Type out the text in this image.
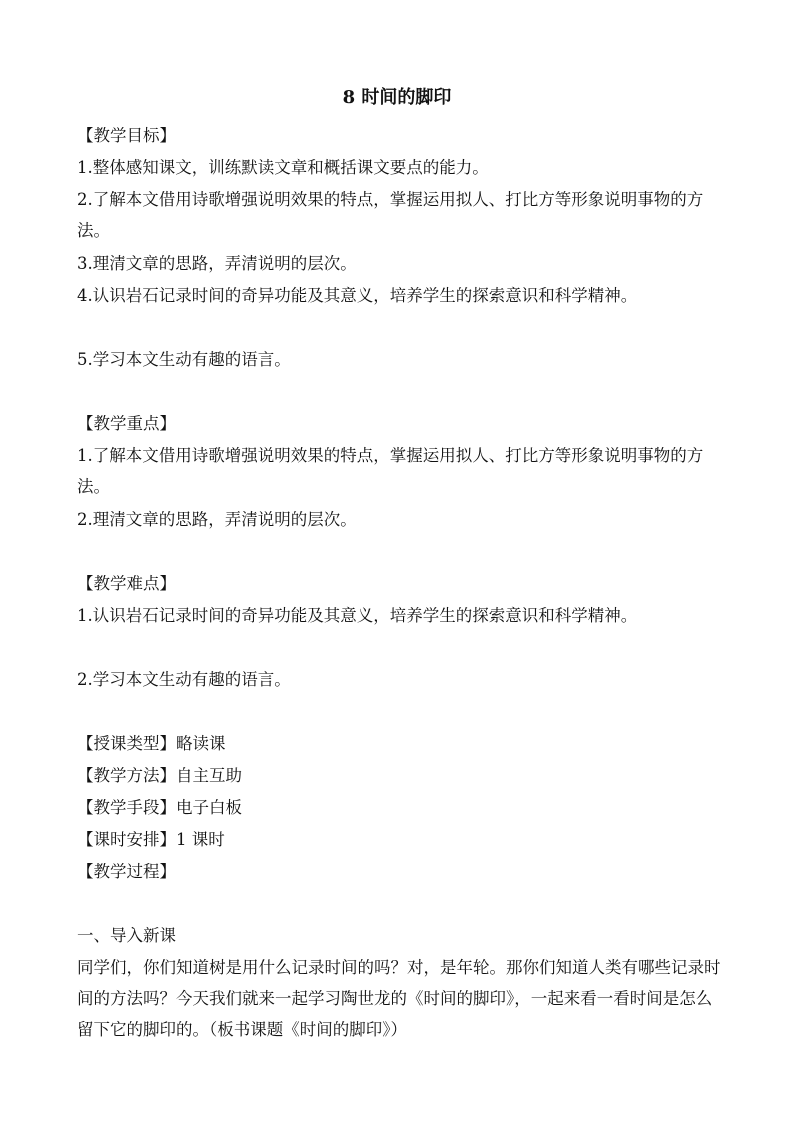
8 时间的脚印
【教学目标】
1.整体感知课文，训练默读文章和概括课文要点的能力。
2.了解本文借用诗歌增强说明效果的特点，掌握运用拟人、打比方等形象说明事物的方法。
3.理清文章的思路，弄清说明的层次。
4.认识岩石记录时间的奇异功能及其意义，培养学生的探索意识和科学精神。
5.学习本文生动有趣的语言。
【教学重点】
1.了解本文借用诗歌增强说明效果的特点，掌握运用拟人、打比方等形象说明事物的方法。
2.理清文章的思路，弄清说明的层次。
【教学难点】
1.认识岩石记录时间的奇异功能及其意义，培养学生的探索意识和科学精神。
2.学习本文生动有趣的语言。
【授课类型】略读课
【教学方法】自主互助
【教学手段】电子白板
【课时安排】1 课时
【教学过程】
一、导入新课
同学们，你们知道树是用什么记录时间的吗？对，是年轮。那你们知道人类有哪些记录时间的方法吗？今天我们就来一起学习陶世龙的《时间的脚印》，一起来看一看时间是怎么留下它的脚印的。（板书课题《时间的脚印》）
